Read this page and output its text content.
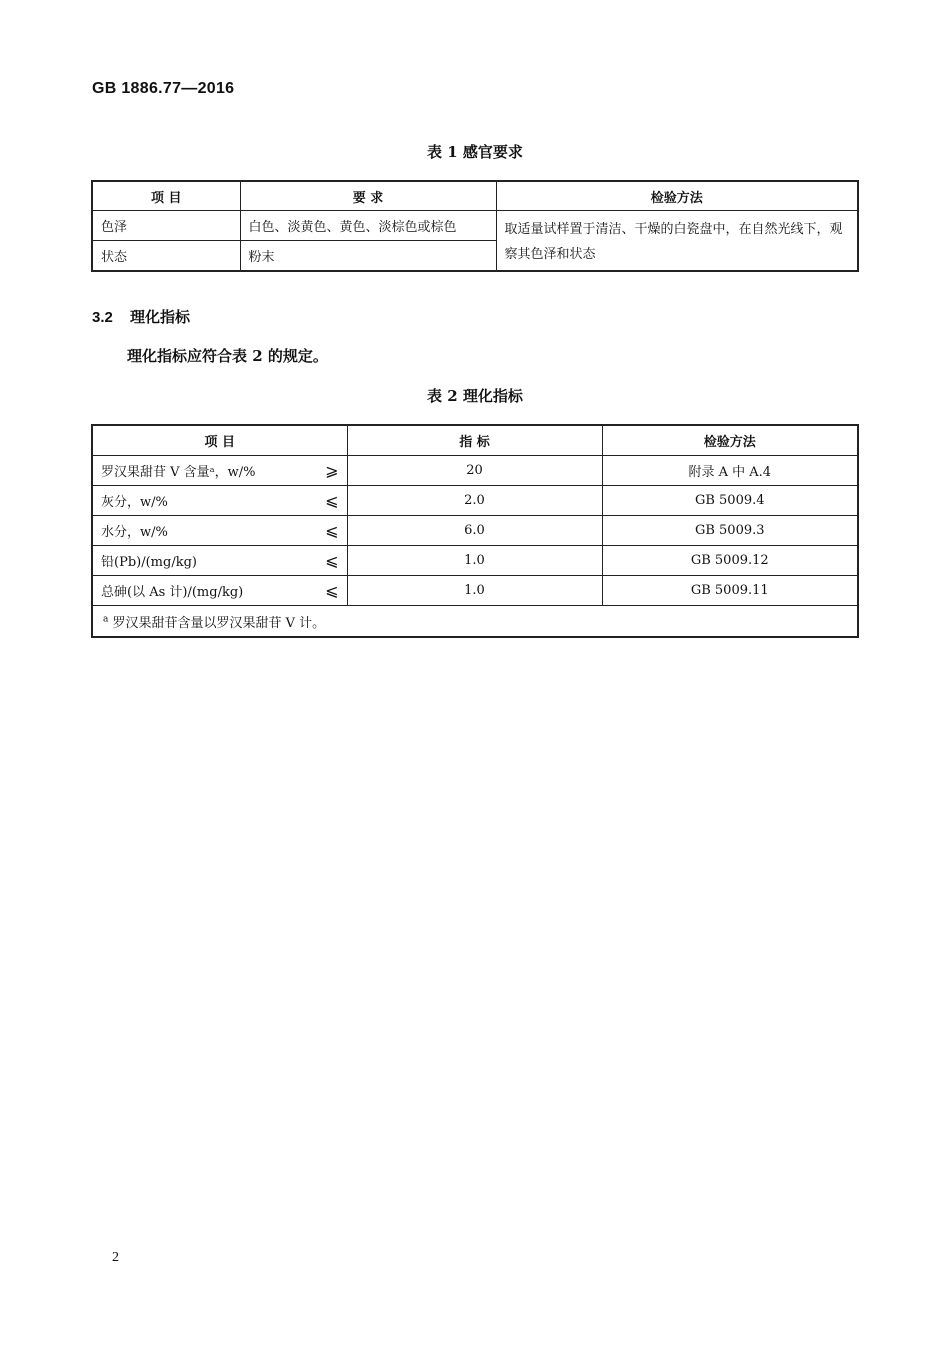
GB 1886.77—2016
表 1 感官要求
项 目	要 求	检验方法
色泽	白色、淡黄色、黄色、淡棕色或棕色	取适量试样置于清洁、干燥的白瓷盘中，在自然光线下，观察其色泽和状态
状态	粉末	
3.2 理化指标
理化指标应符合表 2 的规定。
表 2 理化指标
项 目	指 标	检验方法

罗汉果甜苷 V 含量ᵃ，w/% ⩾	20	附录 A 中 A.4

灰分，w/% ⩽	2.0	GB 5009.4

水分，w/% ⩽	6.0	GB 5009.3

铅(Pb)/(mg/kg) ⩽	1.0	GB 5009.12

总砷(以 As 计)/(mg/kg) ⩽	1.0	GB 5009.11
$^a$ 罗汉果甜苷含量以罗汉果甜苷 V 计。		
2
